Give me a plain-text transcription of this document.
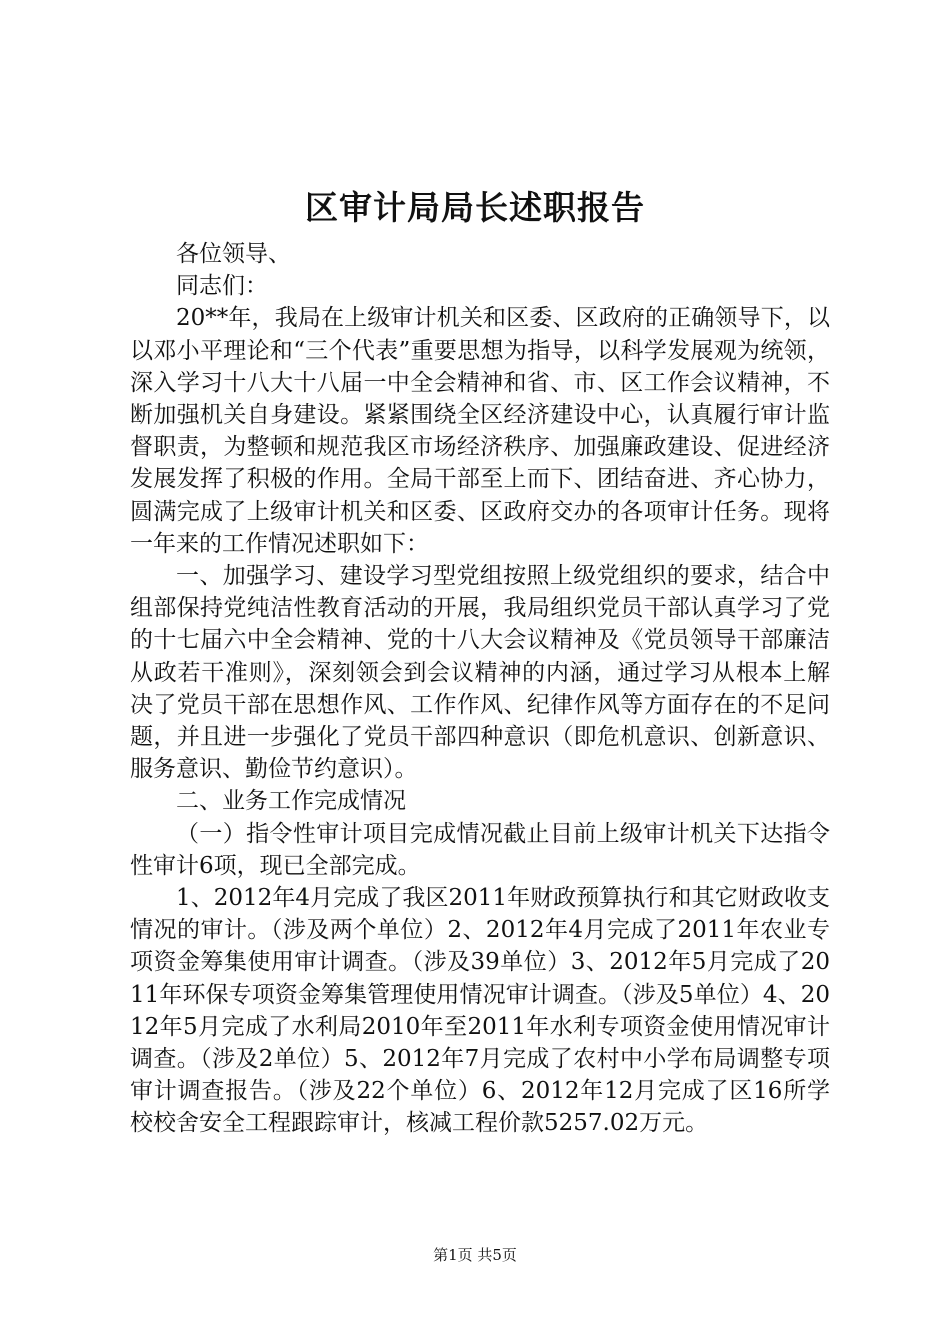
区审计局局长述职报告

各位领导、

同志们：

20**年，我局在上级审计机关和区委、区政府的正确领导下，以以邓小平理论和“三个代表”重要思想为指导，以科学发展观为统领，深入学习十八大十八届一中全会精神和省、市、区工作会议精神，不断加强机关自身建设。紧紧围绕全区经济建设中心，认真履行审计监督职责，为整顿和规范我区市场经济秩序、加强廉政建设、促进经济发展发挥了积极的作用。全局干部至上而下、团结奋进、齐心协力，圆满完成了上级审计机关和区委、区政府交办的各项审计任务。现将一年来的工作情况述职如下：

一、加强学习、建设学习型党组按照上级党组织的要求，结合中组部保持党纯洁性教育活动的开展，我局组织党员干部认真学习了党的十七届六中全会精神、党的十八大会议精神及《党员领导干部廉洁从政若干准则》，深刻领会到会议精神的内涵，通过学习从根本上解决了党员干部在思想作风、工作作风、纪律作风等方面存在的不足问题，并且进一步强化了党员干部四种意识（即危机意识、创新意识、服务意识、勤俭节约意识）。

二、业务工作完成情况

（一）指令性审计项目完成情况截止目前上级审计机关下达指令性审计6项，现已全部完成。

1、2012年4月完成了我区2011年财政预算执行和其它财政收支情况的审计。（涉及两个单位）2、2012年4月完成了2011年农业专项资金筹集使用审计调查。（涉及39单位）3、2012年5月完成了2011年环保专项资金筹集管理使用情况审计调查。（涉及5单位）4、2012年5月完成了水利局2010年至2011年水利专项资金使用情况审计调查。（涉及2单位）5、2012年7月完成了农村中小学布局调整专项审计调查报告。（涉及22个单位）6、2012年12月完成了区16所学校校舍安全工程跟踪审计，核减工程价款5257.02万元。

第1页 共5页
